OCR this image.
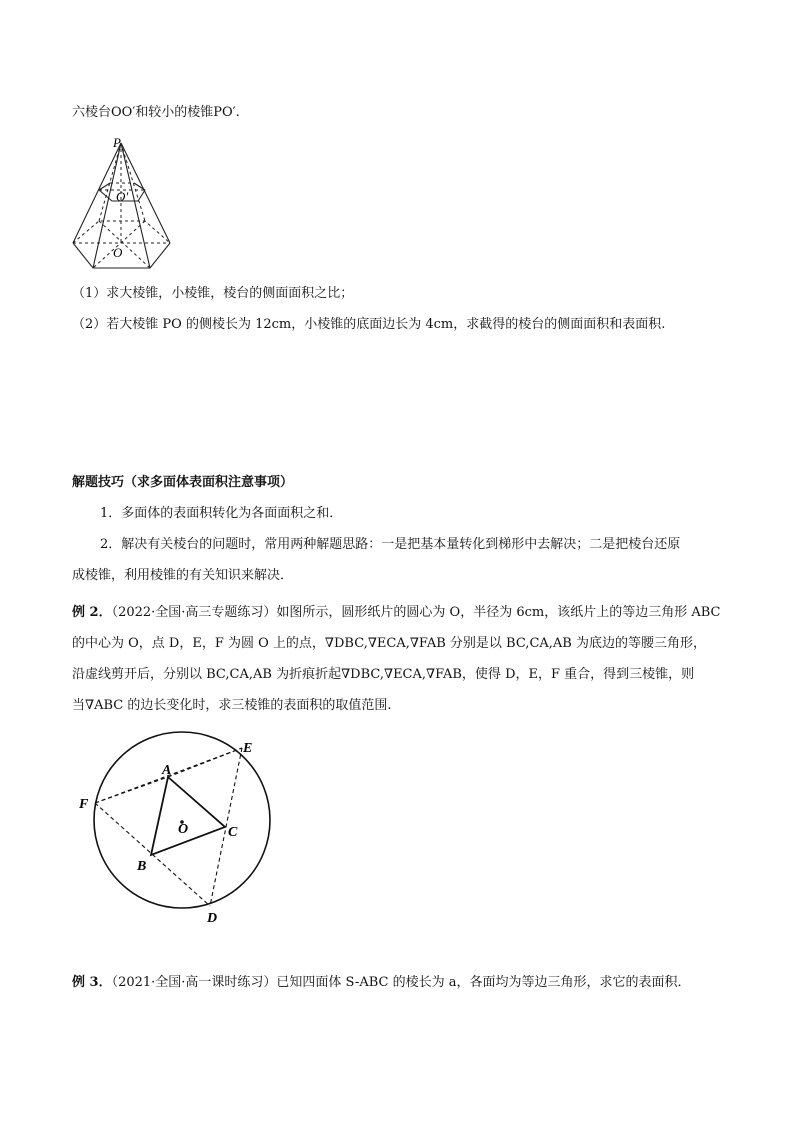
六棱台OO′和较小的棱锥PO′.
P
O′
O
（1）求大棱锥，小棱锥，棱台的侧面面积之比；
（2）若大棱锥 PO 的侧棱长为 12cm，小棱锥的底面边长为 4cm，求截得的棱台的侧面面积和表面积.
解题技巧（求多面体表面积注意事项）
1．多面体的表面积转化为各面面积之和．
2．解决有关棱台的问题时，常用两种解题思路：一是把基本量转化到梯形中去解决；二是把棱台还原
成棱锥，利用棱锥的有关知识来解决．
例 2．（2022·全国·高三专题练习）如图所示，圆形纸片的圆心为 O，半径为 6cm，该纸片上的等边三角形 ABC
的中心为 O，点 D，E，F 为圆 O 上的点，∇DBC,∇ECA,∇FAB 分别是以 BC,CA,AB 为底边的等腰三角形，
沿虚线剪开后，分别以 BC,CA,AB 为折痕折起∇DBC,∇ECA,∇FAB，使得 D，E，F 重合，得到三棱锥，则
当∇ABC 的边长变化时，求三棱锥的表面积的取值范围.
A
B
C
D
E
F
O
例 3．（2021·全国·高一课时练习）已知四面体 S-ABC 的棱长为 a，各面均为等边三角形，求它的表面积．
